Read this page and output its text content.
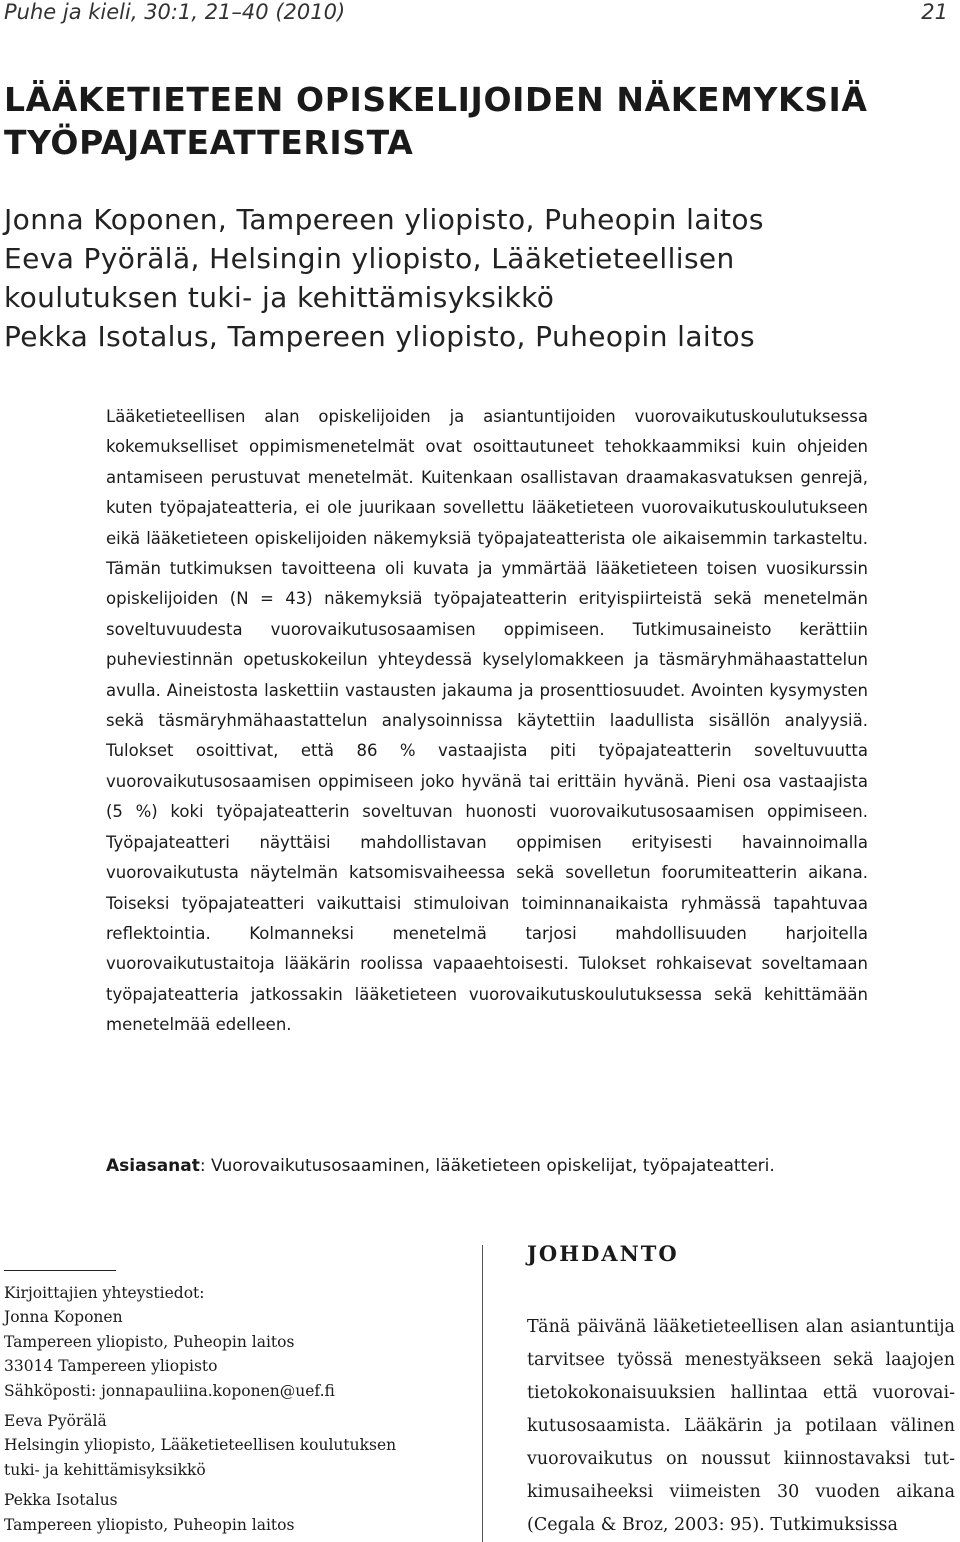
Puhe ja kieli, 30:1, 21–40 (2010)	21
LÄÄKETIETEEN OPISKELIJOIDEN NÄKEMYKSIÄ
TYÖPAJATEATTERISTA
Jonna Koponen, Tampereen yliopisto, Puheopin laitos
Eeva Pyörälä, Helsingin yliopisto, Lääketieteellisen
koulutuksen tuki- ja kehittämisyksikkö
Pekka Isotalus, Tampereen yliopisto, Puheopin laitos

Lääketieteellisen alan opiskelijoiden ja asiantuntijoiden vuorovaikutuskoulutuksessa kokemukselliset oppimismenetelmät ovat osoittautuneet tehokkaammiksi kuin ohjeiden antamiseen perustuvat menetelmät. Kuitenkaan osallistavan draamakasvatuksen genrejä, kuten työpajateatteria, ei ole juurikaan sovellettu lääketieteen vuorovaikutuskoulutukseen eikä lääketieteen opiskelijoiden näkemyksiä työpajateatterista ole aikaisemmin tarkasteltu. Tämän tutkimuksen tavoitteena oli kuvata ja ymmärtää lääketieteen toisen vuosikurssin opiskelijoiden (N = 43) näkemyksiä työpajateatterin erityispiirteistä sekä menetelmän soveltuvuudesta vuorovaikutusosaamisen oppimiseen. Tutkimusaineisto kerättiin puheviestinnän opetuskokeilun yhteydessä kyselylomakkeen ja täsmäryhmähaastattelun avulla. Aineistosta laskettiin vastausten jakauma ja prosenttiosuudet. Avointen kysymysten sekä täsmäryhmähaastattelun analysoinnissa käytettiin laadullista sisällön analyysiä. Tulokset osoittivat, että 86 % vastaajista piti työpajateatterin soveltuvuutta vuorovaikutusosaamisen oppimiseen joko hyvänä tai erittäin hyvänä. Pieni osa vastaajista (5 %) koki työpajateatterin soveltuvan huonosti vuorovaikutusosaamisen oppimiseen. Työpajateatteri näyttäisi mahdollistavan oppimisen erityisesti havainnoimalla vuorovaikutusta näytelmän katsomisvaiheessa sekä sovelletun foorumiteatterin aikana. Toiseksi työpajateatteri vaikuttaisi stimuloivan toiminnanaikaista ryhmässä tapahtuvaa reflektointia. Kolmanneksi menetelmä tarjosi mahdollisuuden harjoitella vuorovaikutustaitoja lääkärin roolissa vapaaehtoisesti. Tulokset rohkaisevat soveltamaan työpajateatteria jatkossakin lääketieteen vuorovaikutuskoulutuksessa sekä kehittämään menetelmää edelleen.

Asiasanat: Vuorovaikutusosaaminen, lääketieteen opiskelijat, työpajateatteri.
Kirjoittajien yhteystiedot:
Jonna Koponen
Tampereen yliopisto, Puheopin laitos
33014 Tampereen yliopisto
Sähköposti: jonnapauliina.koponen@uef.fi
Eeva Pyörälä
Helsingin yliopisto, Lääketieteellisen koulutuksen
tuki- ja kehittämisyksikkö
Pekka Isotalus
Tampereen yliopisto, Puheopin laitos
JOHDANTO

Tänä päivänä lääketieteellisen alan asiantuntija tarvitsee työssä menestyäkseen sekä laajojen tietokokonaisuuksien hallintaa että vuorovaikutusosaamista. Lääkärin ja potilaan välinen vuorovaikutus on noussut kiinnostavaksi tutkimusaiheeksi viimeisten 30 vuoden aikana (Cegala & Broz, 2003: 95). Tutkimuksissa
